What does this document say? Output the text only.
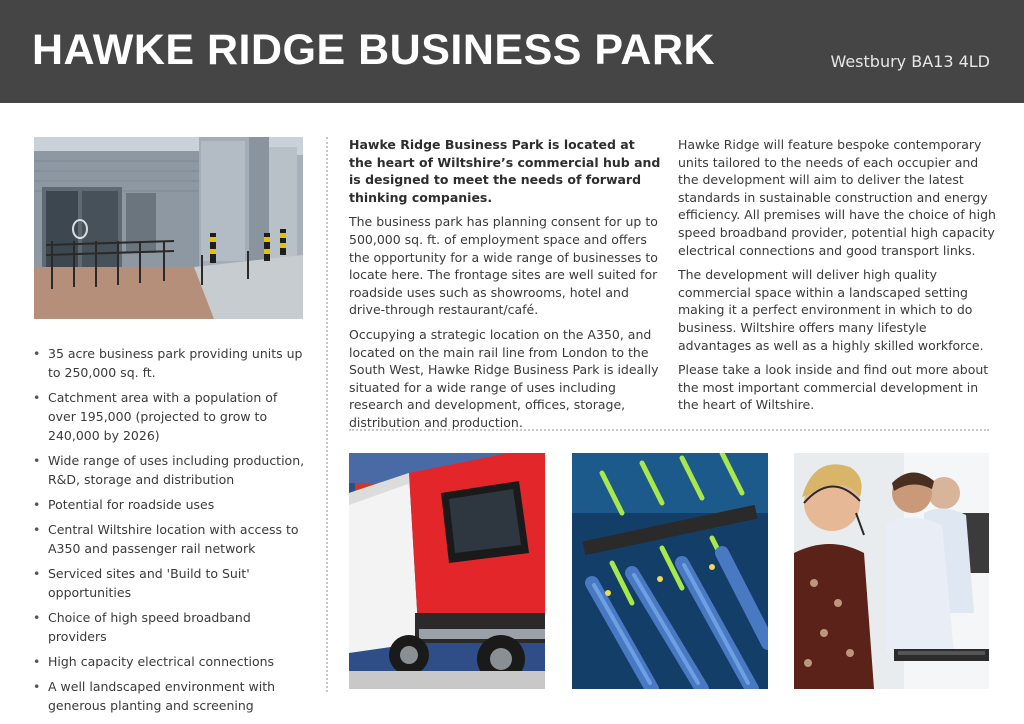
HAWKE RIDGE BUSINESS PARK	Westbury BA13 4LD
• 35 acre business park providing units up to 250,000 sq. ft.
• Catchment area with a population of over 195,000 (projected to grow to 240,000 by 2026)
• Wide range of uses including production, R&D, storage and distribution
• Potential for roadside uses
• Central Wiltshire location with access to A350 and passenger rail network
• Serviced sites and 'Build to Suit' opportunities
• Choice of high speed broadband providers
• High capacity electrical connections
• A well landscaped environment with generous planting and screening

Hawke Ridge Business Park is located at the heart of Wiltshire’s commercial hub and is designed to meet the needs of forward thinking companies.

The business park has planning consent for up to 500,000 sq. ft. of employment space and offers the opportunity for a wide range of businesses to locate here. The frontage sites are well suited for roadside uses such as showrooms, hotel and drive-through restaurant/café.

Occupying a strategic location on the A350, and located on the main rail line from London to the South West, Hawke Ridge Business Park is ideally situated for a wide range of uses including research and development, offices, storage, distribution and production.

Hawke Ridge will feature bespoke contemporary units tailored to the needs of each occupier and the development will aim to deliver the latest standards in sustainable construction and energy efficiency. All premises will have the choice of high speed broadband provider, potential high capacity electrical connections and good transport links.

The development will deliver high quality commercial space within a landscaped setting making it a perfect environment in which to do business. Wiltshire offers many lifestyle advantages as well as a highly skilled workforce.

Please take a look inside and find out more about the most important commercial development in the heart of Wiltshire.
